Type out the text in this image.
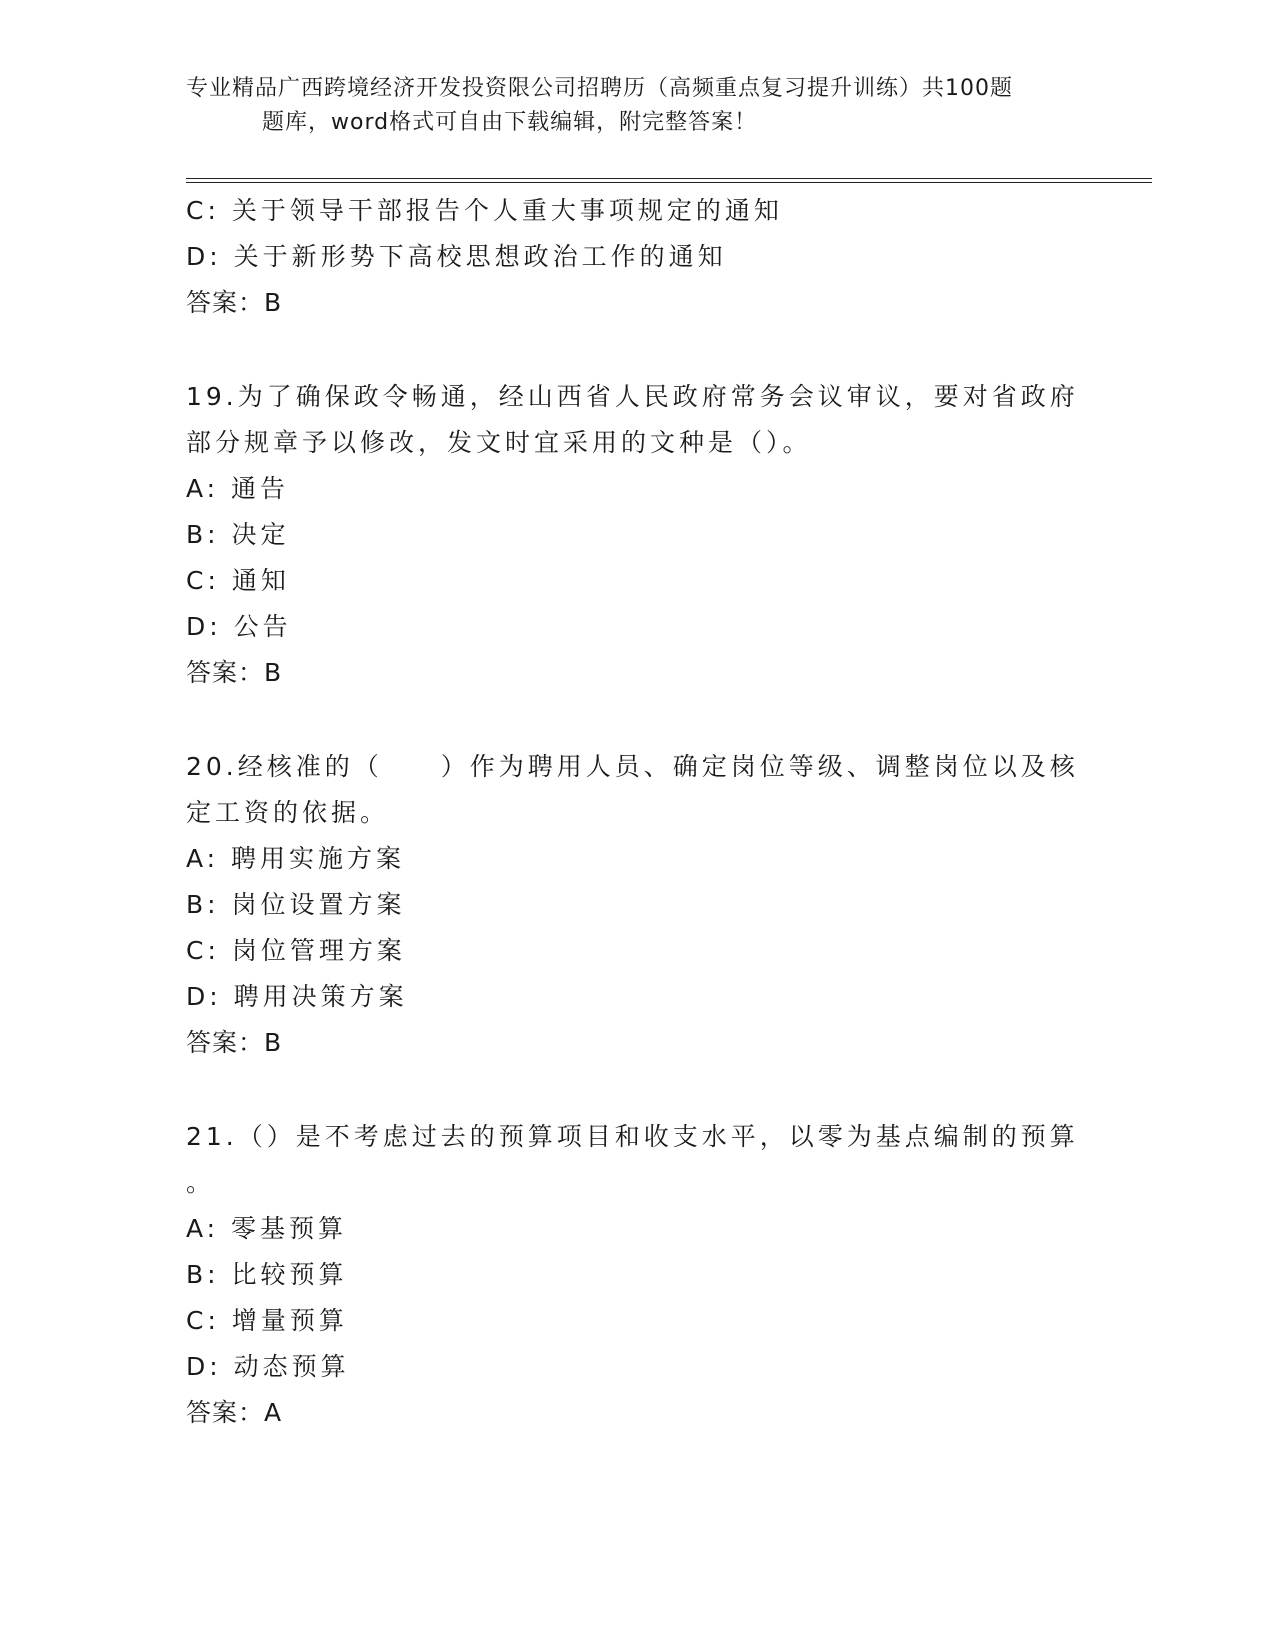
专业精品广西跨境经济开发投资限公司招聘历（高频重点复习提升训练）共100题
题库，word格式可自由下载编辑，附完整答案！
C: 关于领导干部报告个人重大事项规定的通知
D: 关于新形势下高校思想政治工作的通知
答案：B
19.为了确保政令畅通，经山西省人民政府常务会议审议，要对省政府
部分规章予以修改，发文时宜采用的文种是（）。
A: 通告
B: 决定
C: 通知
D: 公告
答案：B
20.经核准的（　　）作为聘用人员、确定岗位等级、调整岗位以及核
定工资的依据。
A: 聘用实施方案
B: 岗位设置方案
C: 岗位管理方案
D: 聘用决策方案
答案：B
21.（）是不考虑过去的预算项目和收支水平，以零为基点编制的预算
。
A: 零基预算
B: 比较预算
C: 增量预算
D: 动态预算
答案：A
